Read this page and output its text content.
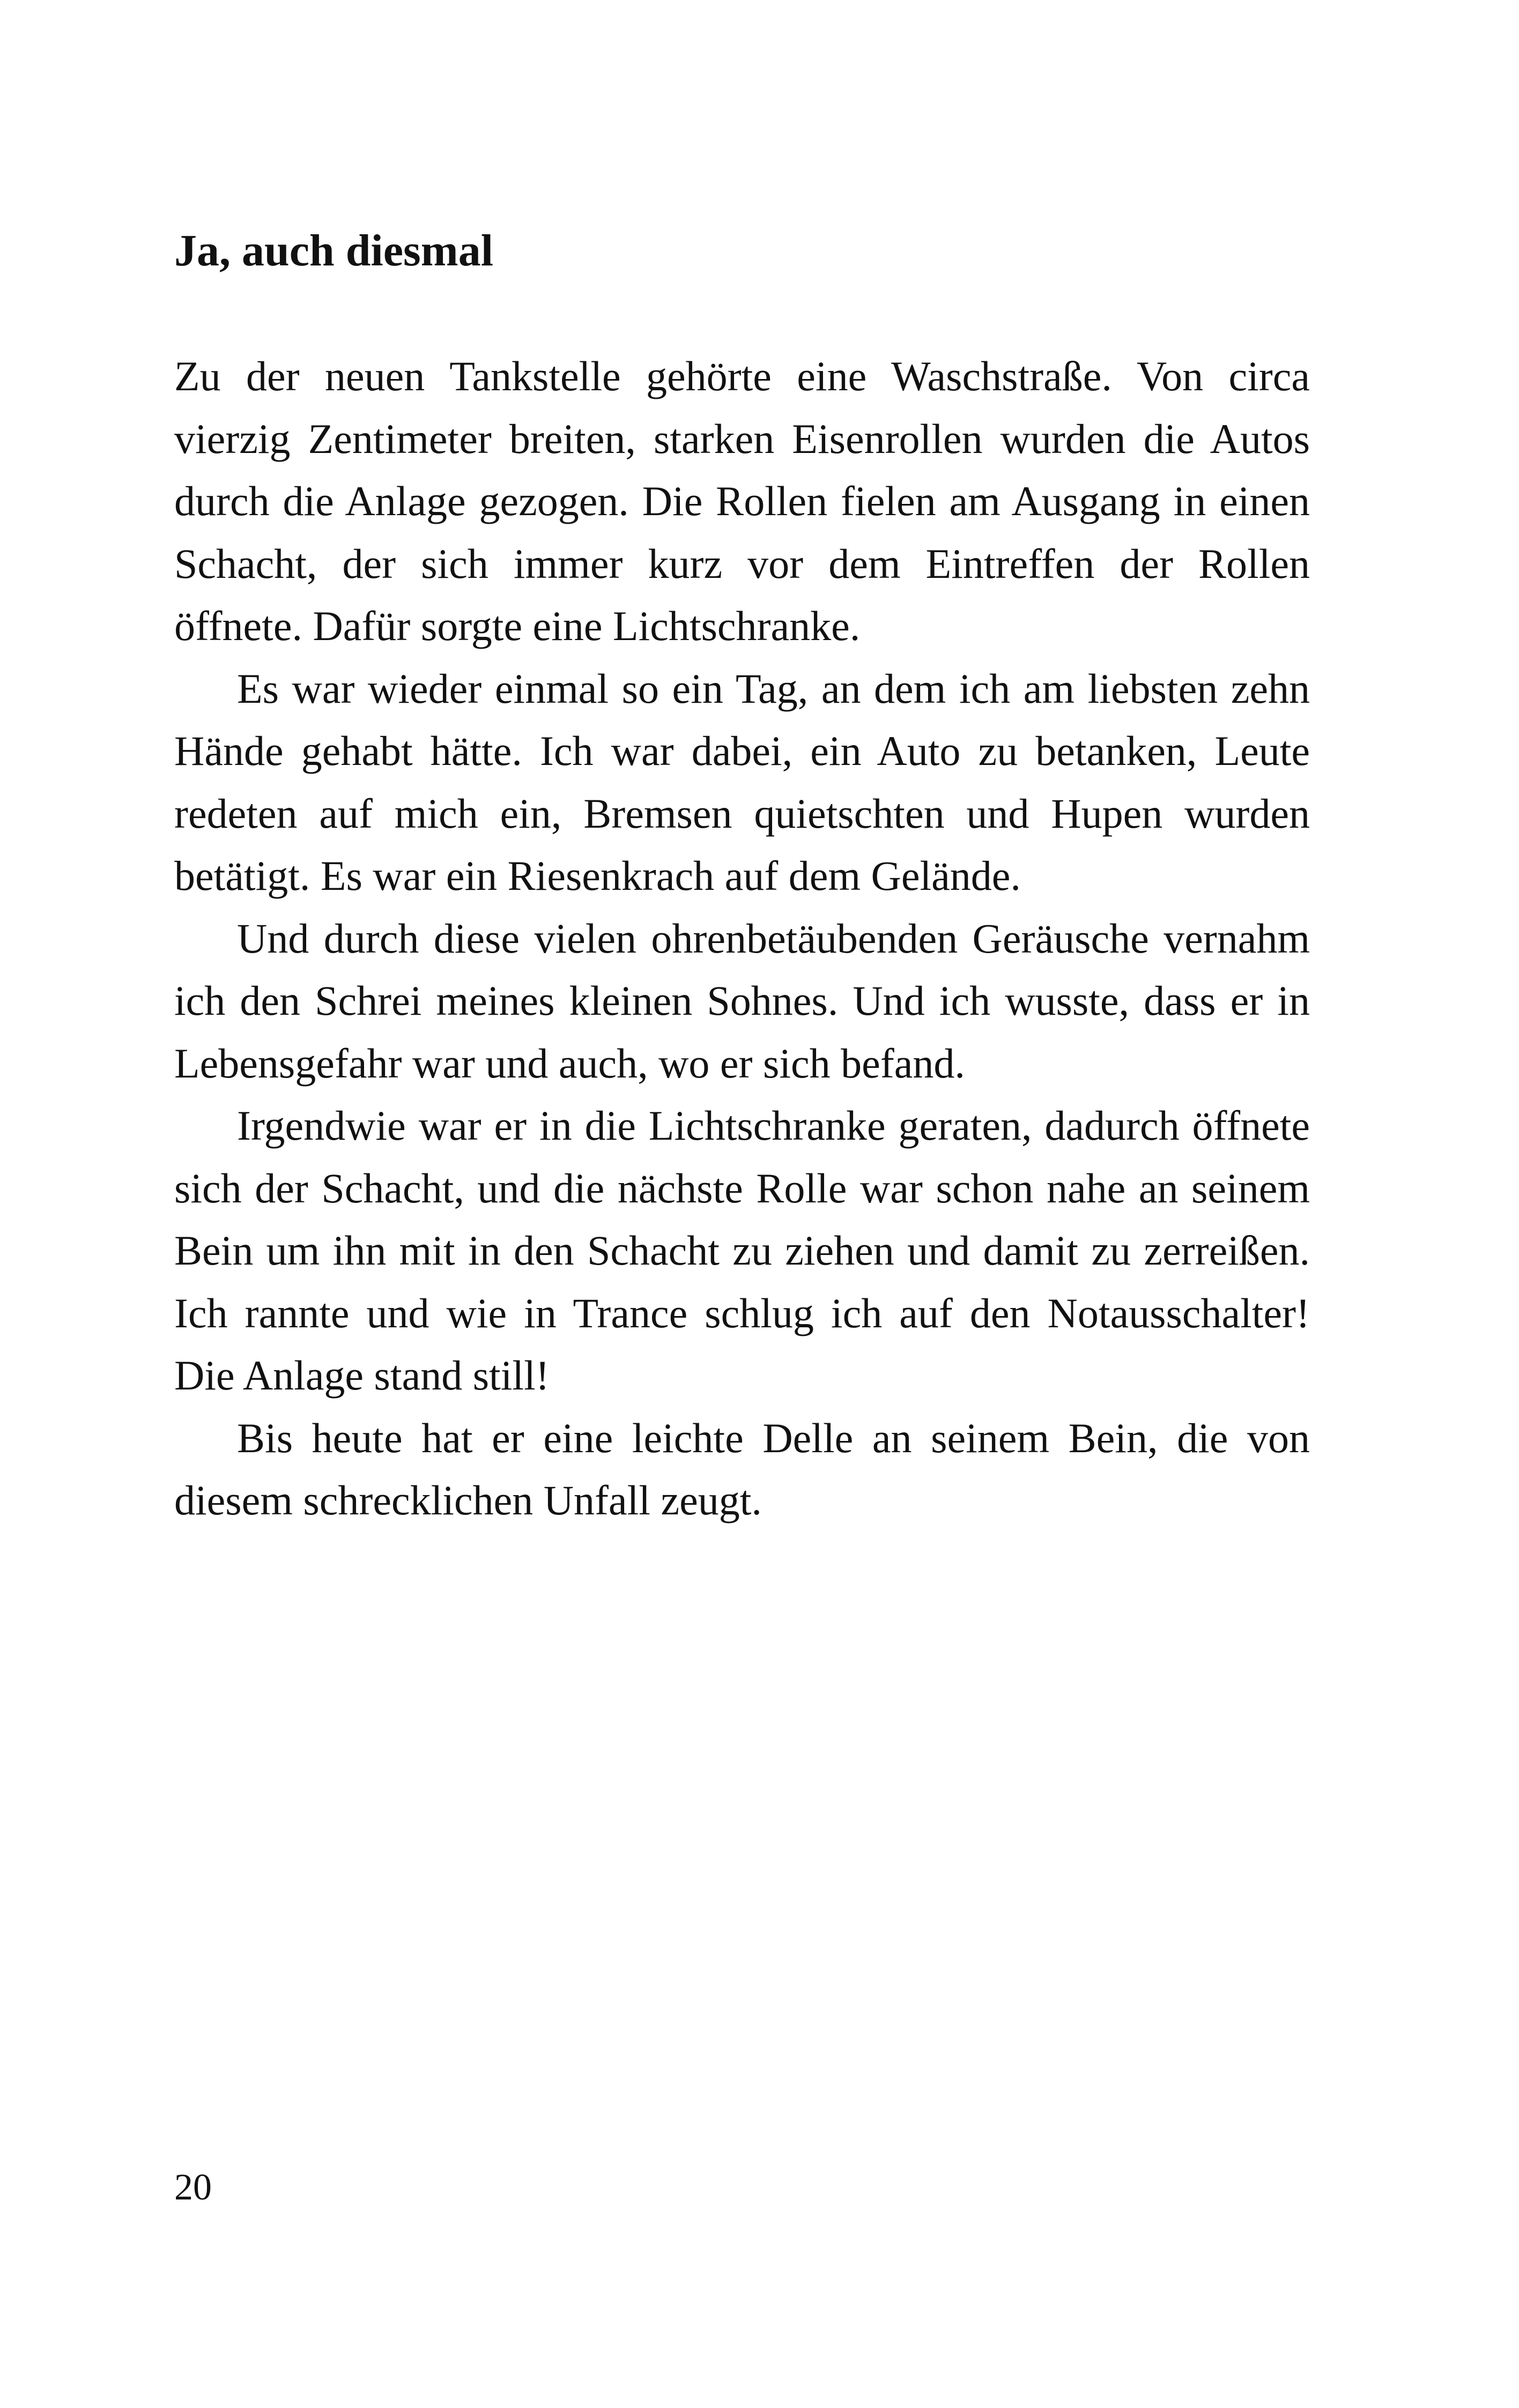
Ja, auch diesmal

Zu der neuen Tankstelle gehörte eine Waschstraße. Von circa vierzig Zentimeter breiten, starken Eisenrollen wurden die Autos durch die Anlage gezogen. Die Rollen fielen am Ausgang in einen Schacht, der sich immer kurz vor dem Eintreffen der Rollen öffnete. Dafür sorgte eine Lichtschranke.

Es war wieder einmal so ein Tag, an dem ich am liebsten zehn Hände gehabt hätte. Ich war dabei, ein Auto zu betanken, Leute redeten auf mich ein, Bremsen quietschten und Hupen wurden betätigt. Es war ein Riesenkrach auf dem Gelände.

Und durch diese vielen ohrenbetäubenden Geräusche vernahm ich den Schrei meines kleinen Sohnes. Und ich wusste, dass er in Lebensgefahr war und auch, wo er sich befand.

Irgendwie war er in die Lichtschranke geraten, dadurch öffnete sich der Schacht, und die nächste Rolle war schon nahe an seinem Bein um ihn mit in den Schacht zu ziehen und damit zu zerreißen. Ich rannte und wie in Trance schlug ich auf den Notausschalter! Die Anlage stand still!

Bis heute hat er eine leichte Delle an seinem Bein, die von diesem schrecklichen Unfall zeugt.

20
